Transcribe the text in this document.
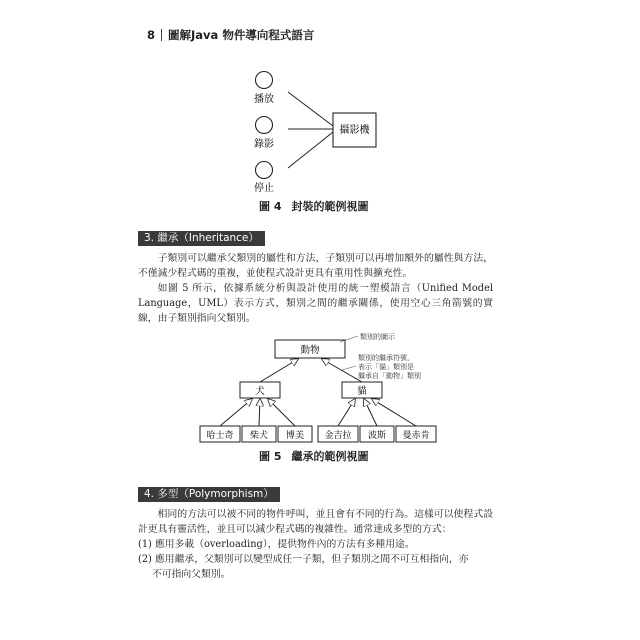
8 圖解Java 物件導向程式語言
播放
錄影
停止
攝影機
圖 4 封裝的範例視圖
3. 繼承（Inheritance）

子類別可以繼承父類別的屬性和方法，子類別可以再增加額外的屬性與方法，不僅減少程式碼的重複，並使程式設計更具有重用性與擴充性。

如圖 5 所示，依據系統分析與設計使用的統一塑模語言（Unified Model Language，UML）表示方式，類別之間的繼承關係，使用空心三角箭號的實線，由子類別指向父類別。

動物
犬	貓
哈士奇 柴犬 博美 金吉拉 波斯 曼赤肯
類別的圖示
類別的繼承符號，
表示「貓」類別是
繼承自「動物」類別
圖 5 繼承的範例視圖
4. 多型（Polymorphism）

相同的方法可以被不同的物件呼叫，並且會有不同的行為。這樣可以使程式設計更具有靈活性，並且可以減少程式碼的複雜性。通常達成多型的方式：

(1) 應用多載（overloading），提供物件內的方法有多種用途。
(2) 應用繼承，父類別可以變型成任一子類，但子類別之間不可互相指向，亦
不可指向父類別。
